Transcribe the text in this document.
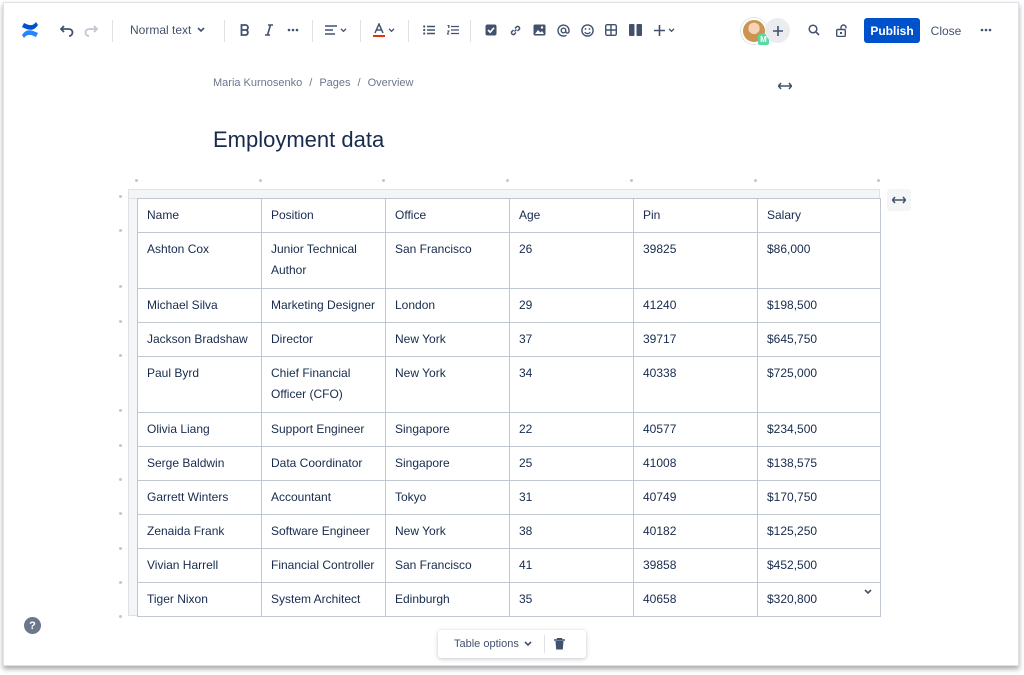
Normal text
M
Publish	Close
Maria Kurnosenko / Pages / Overview
Employment data
Name	Position	Office	Age	Pin	Salary
Ashton Cox	Junior Technical Author	San Francisco	26	39825	$86,000
Michael Silva	Marketing Designer	London	29	41240	$198,500
Jackson Bradshaw	Director	New York	37	39717	$645,750
Paul Byrd	Chief Financial Officer (CFO)	New York	34	40338	$725,000
Olivia Liang	Support Engineer	Singapore	22	40577	$234,500
Serge Baldwin	Data Coordinator	Singapore	25	41008	$138,575
Garrett Winters	Accountant	Tokyo	31	40749	$170,750
Zenaida Frank	Software Engineer	New York	38	40182	$125,250
Vivian Harrell	Financial Controller	San Francisco	41	39858	$452,500
Tiger Nixon	System Architect	Edinburgh	35	40658	$320,800
Table options
?
